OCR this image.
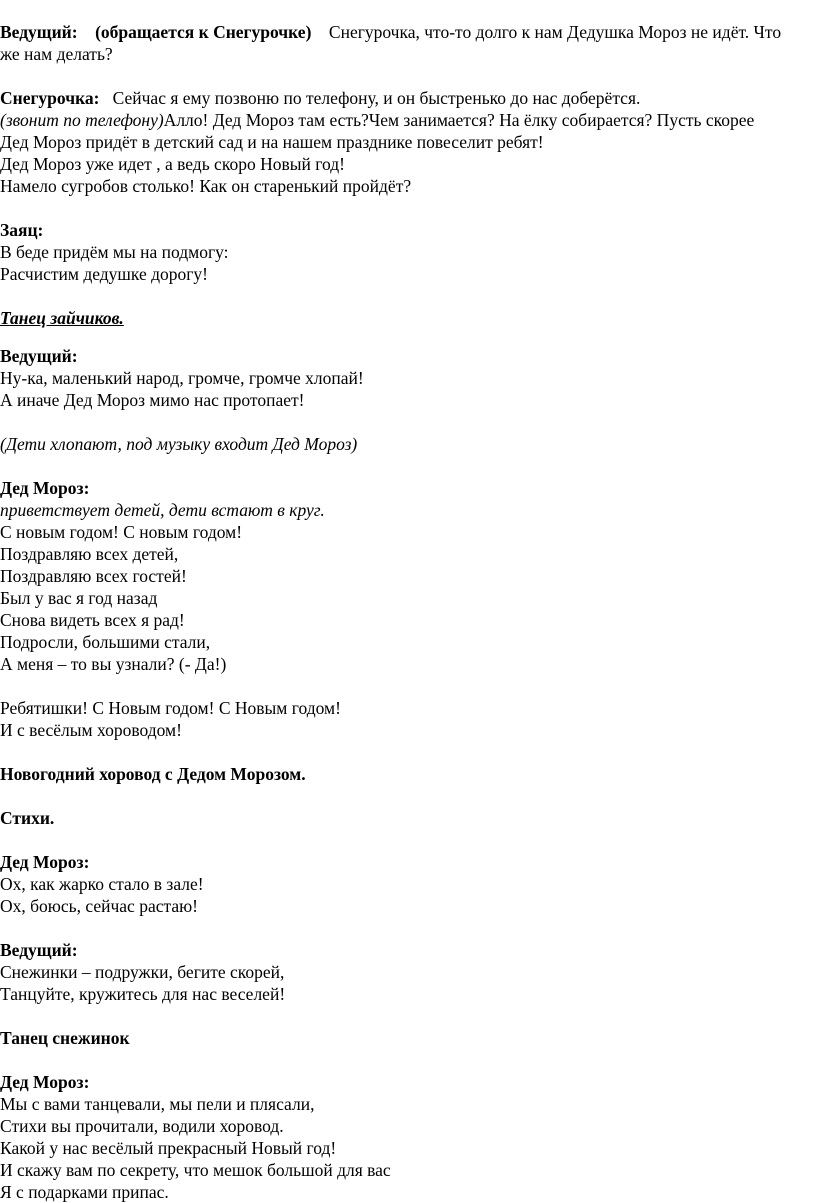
Ведущий: (обращается к Снегурочке) Снегурочка, что-то долго к нам Дедушка Мороз не идёт. Что
же нам делать?
Снегурочка: Сейчас я ему позвоню по телефону, и он быстренько до нас доберётся.
(звонит по телефону)Алло! Дед Мороз там есть?Чем занимается? На ёлку собирается? Пусть скорее
Дед Мороз придёт в детский сад и на нашем празднике повеселит ребят!
Дед Мороз уже идет , а ведь скоро Новый год!
Намело сугробов столько! Как он старенький пройдёт?
Заяц:
В беде придём мы на подмогу:
Расчистим дедушке дорогу!
Танец зайчиков.
Ведущий:
Ну-ка, маленький народ, громче, громче хлопай!
А иначе Дед Мороз мимо нас протопает!
(Дети хлопают, под музыку входит Дед Мороз)
Дед Мороз:
приветствует детей, дети встают в круг.
С новым годом! С новым годом!
Поздравляю всех детей,
Поздравляю всех гостей!
Был у вас я год назад
Снова видеть всех я рад!
Подросли, большими стали,
А меня – то вы узнали? (- Да!)
Ребятишки! С Новым годом! С Новым годом!
И с весёлым хороводом!
Новогодний хоровод с Дедом Морозом.
Стихи.
Дед Мороз:
Ох, как жарко стало в зале!
Ох, боюсь, сейчас растаю!
Ведущий:
Снежинки – подружки, бегите скорей,
Танцуйте, кружитесь для нас веселей!
Танец снежинок
Дед Мороз:
Мы с вами танцевали, мы пели и плясали,
Стихи вы прочитали, водили хоровод.
Какой у нас весёлый прекрасный Новый год!
И скажу вам по секрету, что мешок большой для вас
Я с подарками припас.
